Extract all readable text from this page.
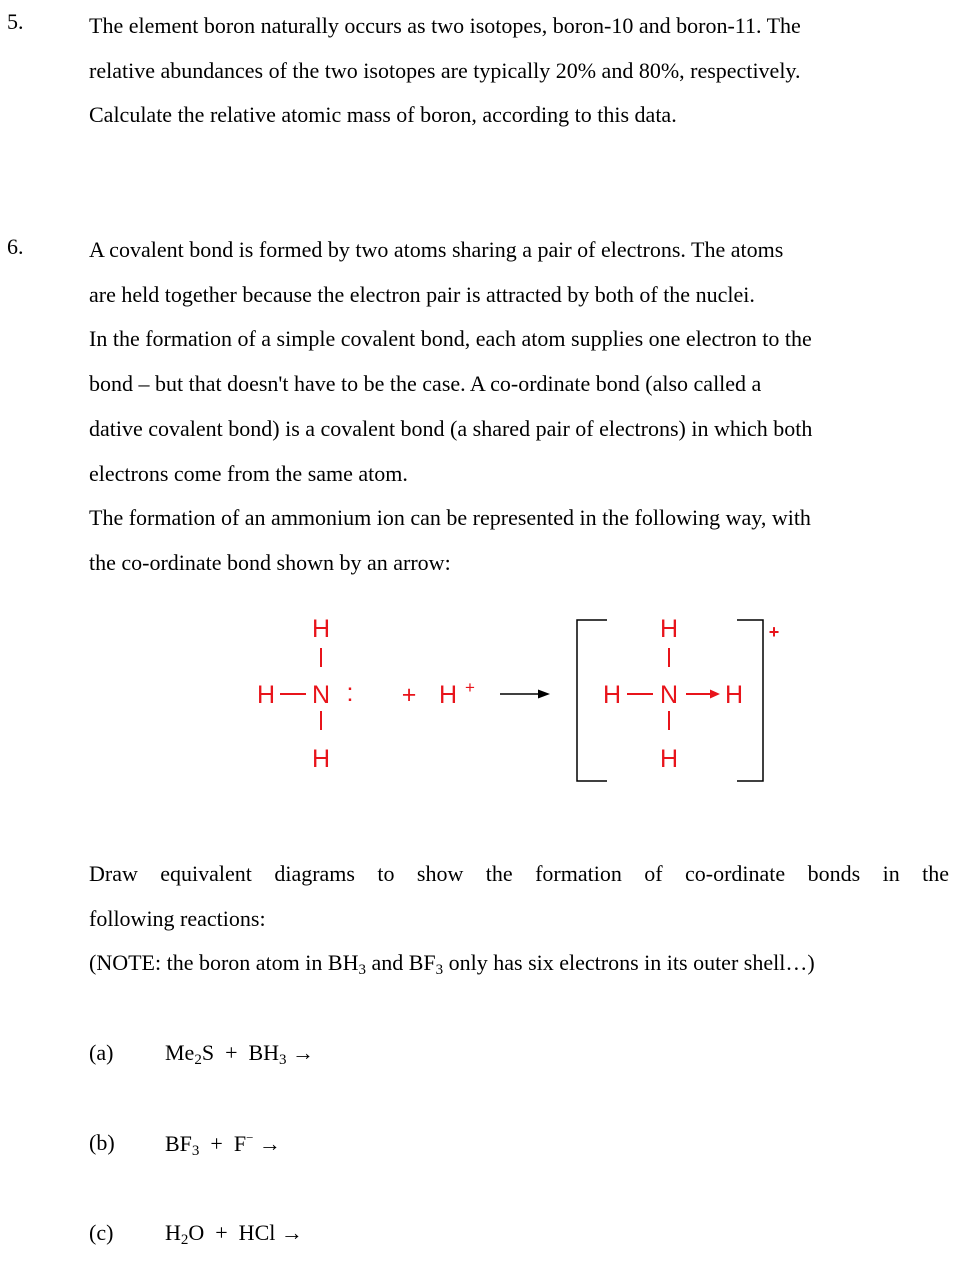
5.	The element boron naturally occurs as two isotopes, boron-10 and boron-11. The
relative abundances of the two isotopes are typically 20% and 80%, respectively.
Calculate the relative atomic mass of boron, according to this data.
6.	A covalent bond is formed by two atoms sharing a pair of electrons. The atoms
are held together because the electron pair is attracted by both of the nuclei.
In the formation of a simple covalent bond, each atom supplies one electron to the
bond – but that doesn't have to be the case. A co-ordinate bond (also called a
dative covalent bond) is a covalent bond (a shared pair of electrons) in which both
electrons come from the same atom.
The formation of an ammonium ion can be represented in the following way, with
the co-ordinate bond shown by an arrow:
H
H N :
H
+ H +
H
H N H
H
+
Draw equivalent diagrams to show the formation of co-ordinate bonds in the
following reactions:
(NOTE: the boron atom in $BH_3$ and $BF_3$ only has six electrons in its outer shell…)
(a) $Me_2S + BH_3$ →
(b) $BF_3 + F^-$ →
(c) $H_2O$  +  HCl →
